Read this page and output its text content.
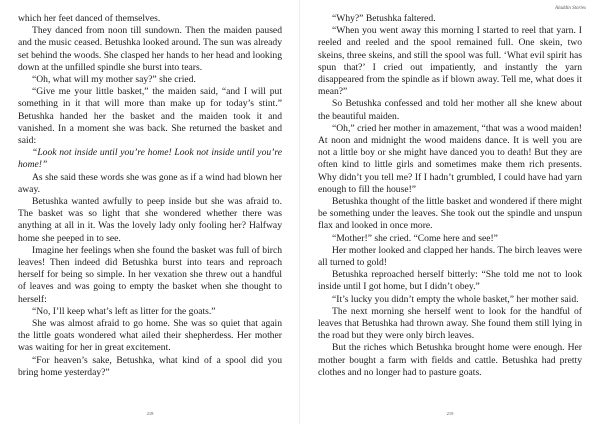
which her feet danced of themselves.

They danced from noon till sundown. Then the maiden paused and the music ceased. Betushka looked around. The sun was already set behind the woods. She clasped her hands to her head and looking down at the unfilled spindle she burst into tears.

“Oh, what will my mother say?” she cried.

“Give me your little basket,” the maiden said, “and I will put something in it that will more than make up for today’s stint.” Betushka handed her the basket and the maiden took it and vanished. In a moment she was back. She returned the basket and said:

“Look not inside until you’re home! Look not inside until you’re home!”

As she said these words she was gone as if a wind had blown her away.

Betushka wanted awfully to peep inside but she was afraid to. The basket was so light that she wondered whether there was anything at all in it. Was the lovely lady only fooling her? Halfway home she peeped in to see.

Imagine her feelings when she found the basket was full of birch leaves! Then indeed did Betushka burst into tears and reproach herself for being so simple. In her vexation she threw out a handful of leaves and was going to empty the basket when she thought to herself:

“No, I’ll keep what’s left as litter for the goats.”

She was almost afraid to go home. She was so quiet that again the little goats wondered what ailed their shepherdess. Her mother was waiting for her in great excitement.

“For heaven’s sake, Betushka, what kind of a spool did you bring home yesterday?”

218
Aladdin Stories

“Why?” Betushka faltered.

“When you went away this morning I started to reel that yarn. I reeled and reeled and the spool remained full. One skein, two skeins, three skeins, and still the spool was full. ‘What evil spirit has spun that?’ I cried out impatiently, and instantly the yarn disappeared from the spindle as if blown away. Tell me, what does it mean?”

So Betushka confessed and told her mother all she knew about the beautiful maiden.

“Oh,” cried her mother in amazement, “that was a wood maiden! At noon and midnight the wood maidens dance. It is well you are not a little boy or she might have danced you to death! But they are often kind to little girls and sometimes make them rich presents. Why didn’t you tell me? If I hadn’t grumbled, I could have had yarn enough to fill the house!”

Betushka thought of the little basket and wondered if there might be something under the leaves. She took out the spindle and unspun flax and looked in once more.

“Mother!” she cried. “Come here and see!”

Her mother looked and clapped her hands. The birch leaves were all turned to gold!

Betushka reproached herself bitterly: “She told me not to look inside until I got home, but I didn’t obey.”

“It’s lucky you didn’t empty the whole basket,” her mother said.

The next morning she herself went to look for the handful of leaves that Betushka had thrown away. She found them still lying in the road but they were only birch leaves.

But the riches which Betushka brought home were enough. Her mother bought a farm with fields and cattle. Betushka had pretty clothes and no longer had to pasture goats.

219
